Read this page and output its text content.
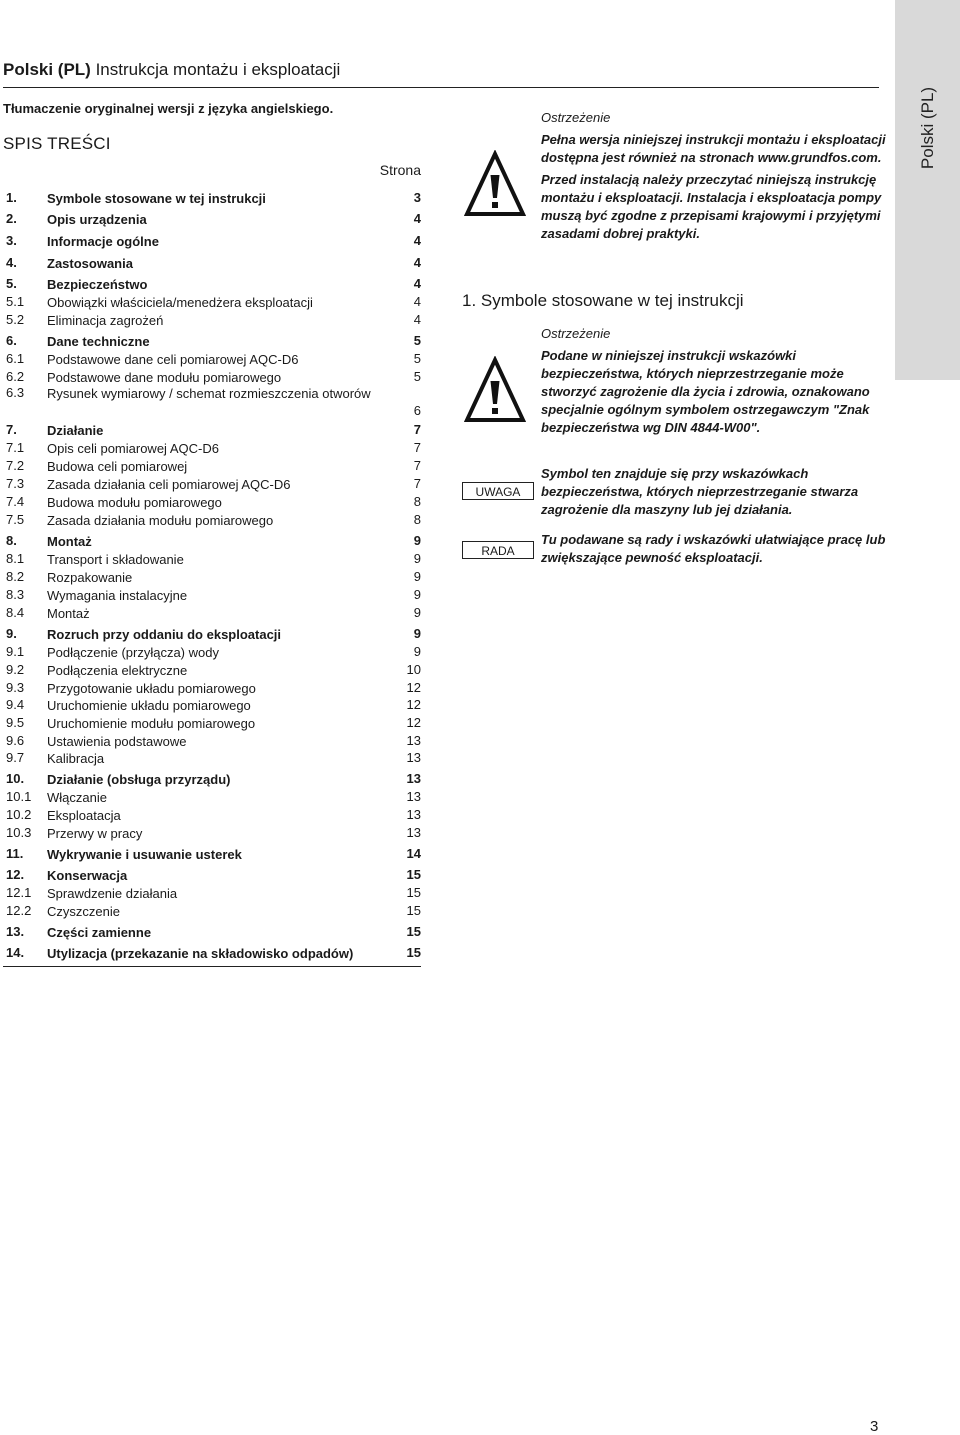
Polski (PL) Instrukcja montażu i eksploatacji
Polski (PL)
Tłumaczenie oryginalnej wersji z języka angielskiego.
SPIS TREŚCI
Strona
1. Symbole stosowane w tej instrukcji	3
2. Opis urządzenia	4
3. Informacje ogólne	4
4. Zastosowania	4
5. Bezpieczeństwo	4
5.1 Obowiązki właściciela/menedżera eksploatacji	4
5.2 Eliminacja zagrożeń	4
6. Dane techniczne	5
6.1 Podstawowe dane celi pomiarowej AQC-D6	5
6.2 Podstawowe dane modułu pomiarowego	5
6.3 Rysunek wymiarowy / schemat rozmieszczenia otworów
6
7. Działanie	7
7.1 Opis celi pomiarowej AQC-D6	7
7.2 Budowa celi pomiarowej	7
7.3 Zasada działania celi pomiarowej AQC-D6	7
7.4 Budowa modułu pomiarowego	8
7.5 Zasada działania modułu pomiarowego	8
8. Montaż	9
8.1 Transport i składowanie	9
8.2 Rozpakowanie	9
8.3 Wymagania instalacyjne	9
8.4 Montaż	9
9. Rozruch przy oddaniu do eksploatacji	9
9.1 Podłączenie (przyłącza) wody	9
9.2 Podłączenia elektryczne	10
9.3 Przygotowanie układu pomiarowego	12
9.4 Uruchomienie układu pomiarowego	12
9.5 Uruchomienie modułu pomiarowego	12
9.6 Ustawienia podstawowe	13
9.7 Kalibracja	13
10. Działanie (obsługa przyrządu)	13
10.1 Włączanie	13
10.2 Eksploatacja	13
10.3 Przerwy w pracy	13
11. Wykrywanie i usuwanie usterek	14
12. Konserwacja	15
12.1 Sprawdzenie działania	15
12.2 Czyszczenie	15
13. Części zamienne	15
14. Utylizacja (przekazanie na składowisko odpadów)	15
Ostrzeżenie
Pełna wersja niniejszej instrukcji montażu i eksploatacji dostępna jest również na stronach www.grundfos.com.
Przed instalacją należy przeczytać niniejszą instrukcję montażu i eksploatacji. Instalacja i eksploatacja pompy muszą być zgodne z przepisami krajowymi i przyjętymi zasadami dobrej praktyki.
1. Symbole stosowane w tej instrukcji
Ostrzeżenie
Podane w niniejszej instrukcji wskazówki bezpieczeństwa, których nieprzestrzeganie może stworzyć zagrożenie dla życia i zdrowia, oznakowano specjalnie ogólnym symbolem ostrzegawczym "Znak bezpieczeństwa wg DIN 4844-W00".
UWAGA
Symbol ten znajduje się przy wskazówkach bezpieczeństwa, których nieprzestrzeganie stwarza zagrożenie dla maszyny lub jej działania.
RADA
Tu podawane są rady i wskazówki ułatwiające pracę lub zwiększające pewność eksploatacji.
3
